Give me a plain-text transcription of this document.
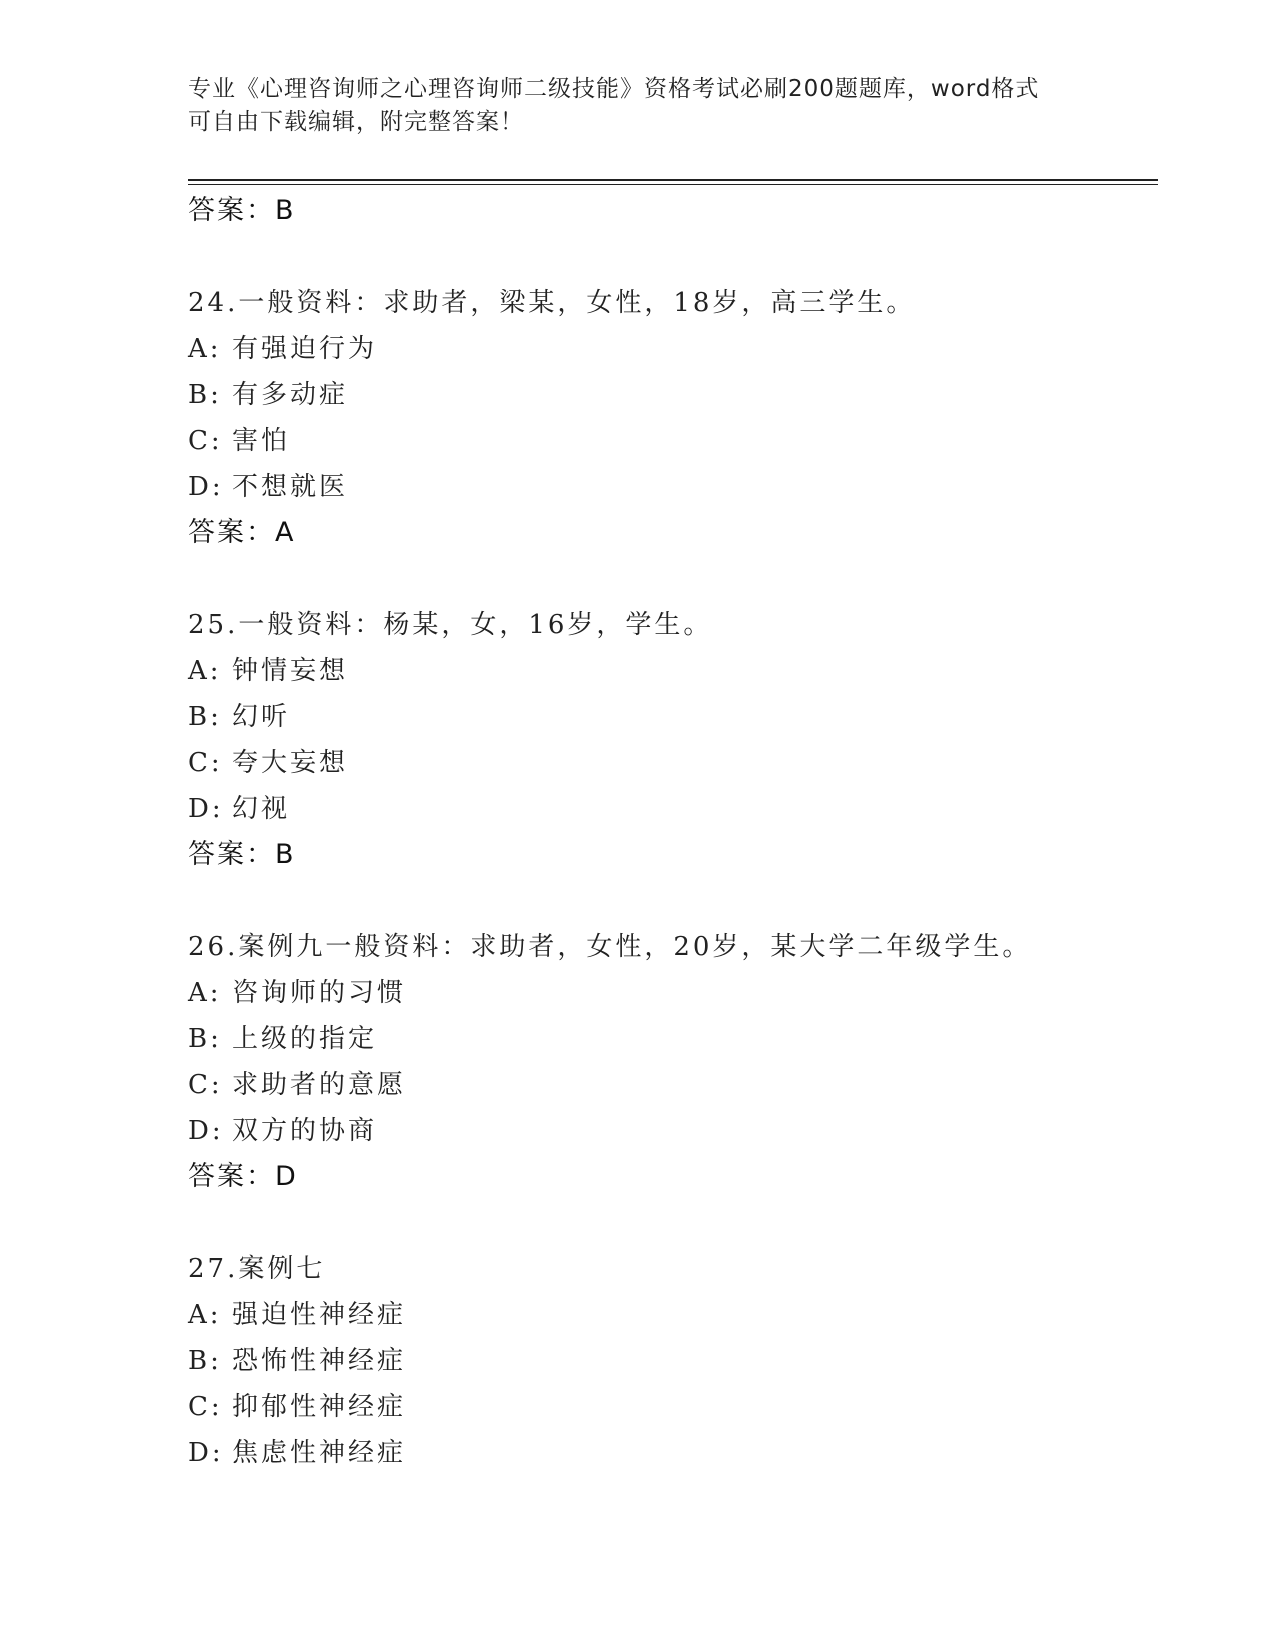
专业《心理咨询师之心理咨询师二级技能》资格考试必刷200题题库，word格式
可自由下载编辑，附完整答案！
答案：B
24.一般资料：求助者，梁某，女性，18岁，高三学生。
A: 有强迫行为
B: 有多动症
C: 害怕
D: 不想就医
答案：A
25.一般资料：杨某，女，16岁，学生。
A: 钟情妄想
B: 幻听
C: 夸大妄想
D: 幻视
答案：B
26.案例九一般资料：求助者，女性，20岁，某大学二年级学生。
A: 咨询师的习惯
B: 上级的指定
C: 求助者的意愿
D: 双方的协商
答案：D
27.案例七
A: 强迫性神经症
B: 恐怖性神经症
C: 抑郁性神经症
D: 焦虑性神经症
